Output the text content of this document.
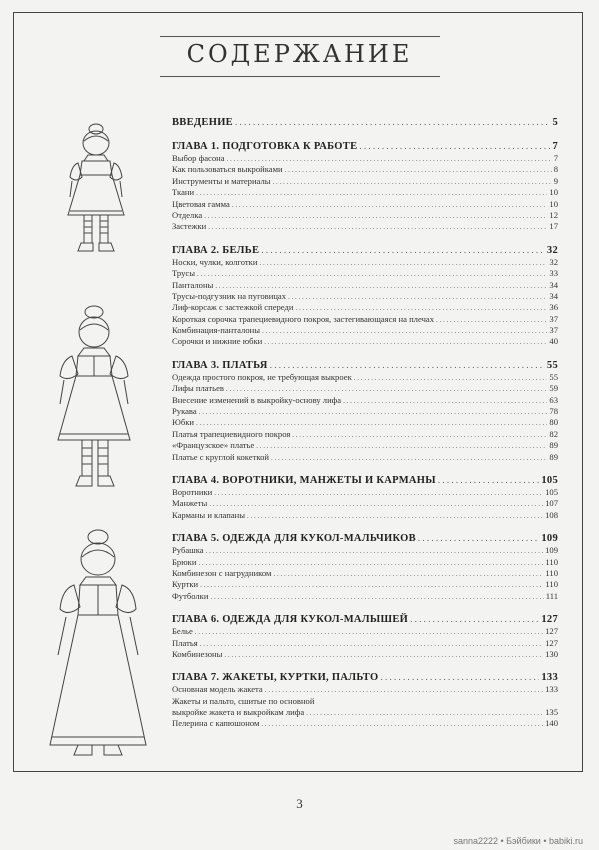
СОДЕРЖАНИЕ
ВВЕДЕНИЕ . . .	5
ГЛАВА 1. ПОДГОТОВКА К РАБОТЕ . . .	7
Выбор фасона . . .	7
Как пользоваться выкройками . . .	8
Инструменты и материалы . . .	9
Ткани . . .	10
Цветовая гамма . . .	10
Отделка . . .	12
Застежки . . .	17
ГЛАВА 2. БЕЛЬЕ . . .	32
Носки, чулки, колготки . . .	32
Трусы . . .	33
Панталоны . . .	34
Трусы-подгузник на пуговицах . . .	34
Лиф-корсаж с застежкой спереди . . .	36
Короткая сорочка трапециевидного покроя, застегивающаяся на плечах . . .	37
Комбинация-панталоны . . .	37
Сорочки и нижние юбки . . .	40
ГЛАВА 3. ПЛАТЬЯ . . .	55
Одежда простого покроя, не требующая выкроек . . .	55
Лифы платьев . . .	59
Внесение изменений в выкройку-основу лифа . . .	63
Рукава . . .	78
Юбки . . .	80
Платья трапециевидного покроя . . .	82
«Французское» платье . . .	89
Платье с круглой кокеткой . . .	89
ГЛАВА 4. ВОРОТНИКИ, МАНЖЕТЫ И КАРМАНЫ . . .	105
Воротники . . .	105
Манжеты . . .	107
Карманы и клапаны . . .	108
ГЛАВА 5. ОДЕЖДА ДЛЯ КУКОЛ-МАЛЬЧИКОВ . . .	109
Рубашка . . .	109
Брюки . . .	110
Комбинезон с нагрудником . . .	110
Куртки . . .	110
Футболки . . .	111
ГЛАВА 6. ОДЕЖДА ДЛЯ КУКОЛ-МАЛЫШЕЙ . . .	127
Белье . . .	127
Платья . . .	127
Комбинезоны . . .	130
ГЛАВА 7. ЖАКЕТЫ, КУРТКИ, ПАЛЬТО . . .	133
Основная модель жакета . . .	133
Жакеты и пальто, сшитые по основной
выкройке жакета и выкройкам лифа . . .	135
Пелерина с капюшоном . . .	140
3
sanna2222 • Бэйбики • babiki.ru
